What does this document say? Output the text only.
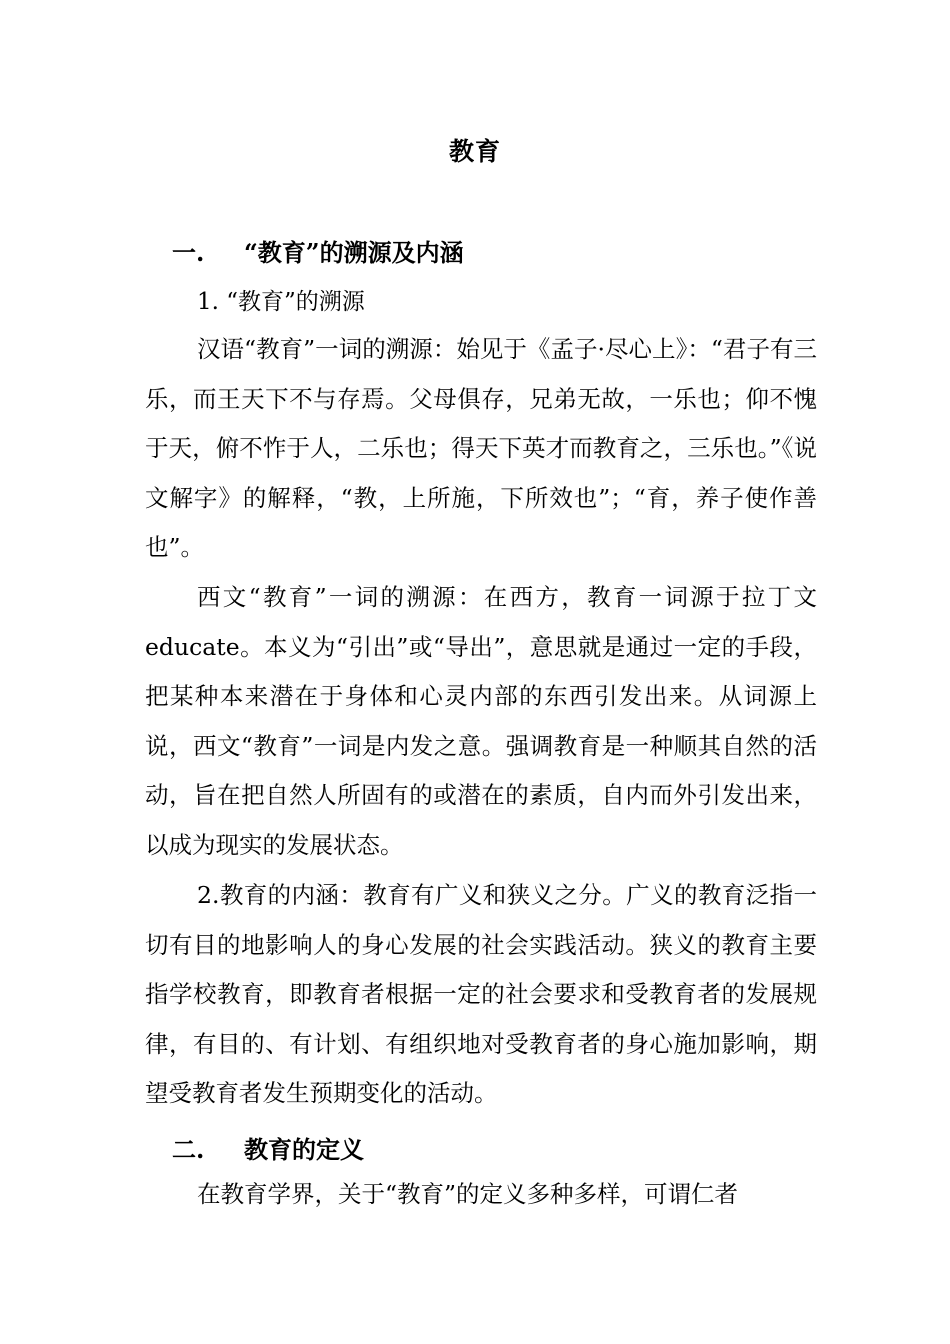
教育
一. “教育”的溯源及内涵
1. “教育”的溯源

汉语“教育”一词的溯源：始见于《孟子·尽心上》：“君子有三乐，而王天下不与存焉。父母俱存，兄弟无故，一乐也；仰不愧于天，俯不怍于人，二乐也；得天下英才而教育之，三乐也。”《说文解字》的解释，“教，上所施，下所效也”；“育，养子使作善也”。

西文“教育”一词的溯源：在西方，教育一词源于拉丁文educate。本义为“引出”或“导出”，意思就是通过一定的手段，把某种本来潜在于身体和心灵内部的东西引发出来。从词源上说，西文“教育”一词是内发之意。强调教育是一种顺其自然的活动，旨在把自然人所固有的或潜在的素质，自内而外引发出来，以成为现实的发展状态。

2.教育的内涵：教育有广义和狭义之分。广义的教育泛指一切有目的地影响人的身心发展的社会实践活动。狭义的教育主要指学校教育，即教育者根据一定的社会要求和受教育者的发展规律，有目的、有计划、有组织地对受教育者的身心施加影响，期望受教育者发生预期变化的活动。

二. 教育的定义

在教育学界，关于“教育”的定义多种多样，可谓仁者
